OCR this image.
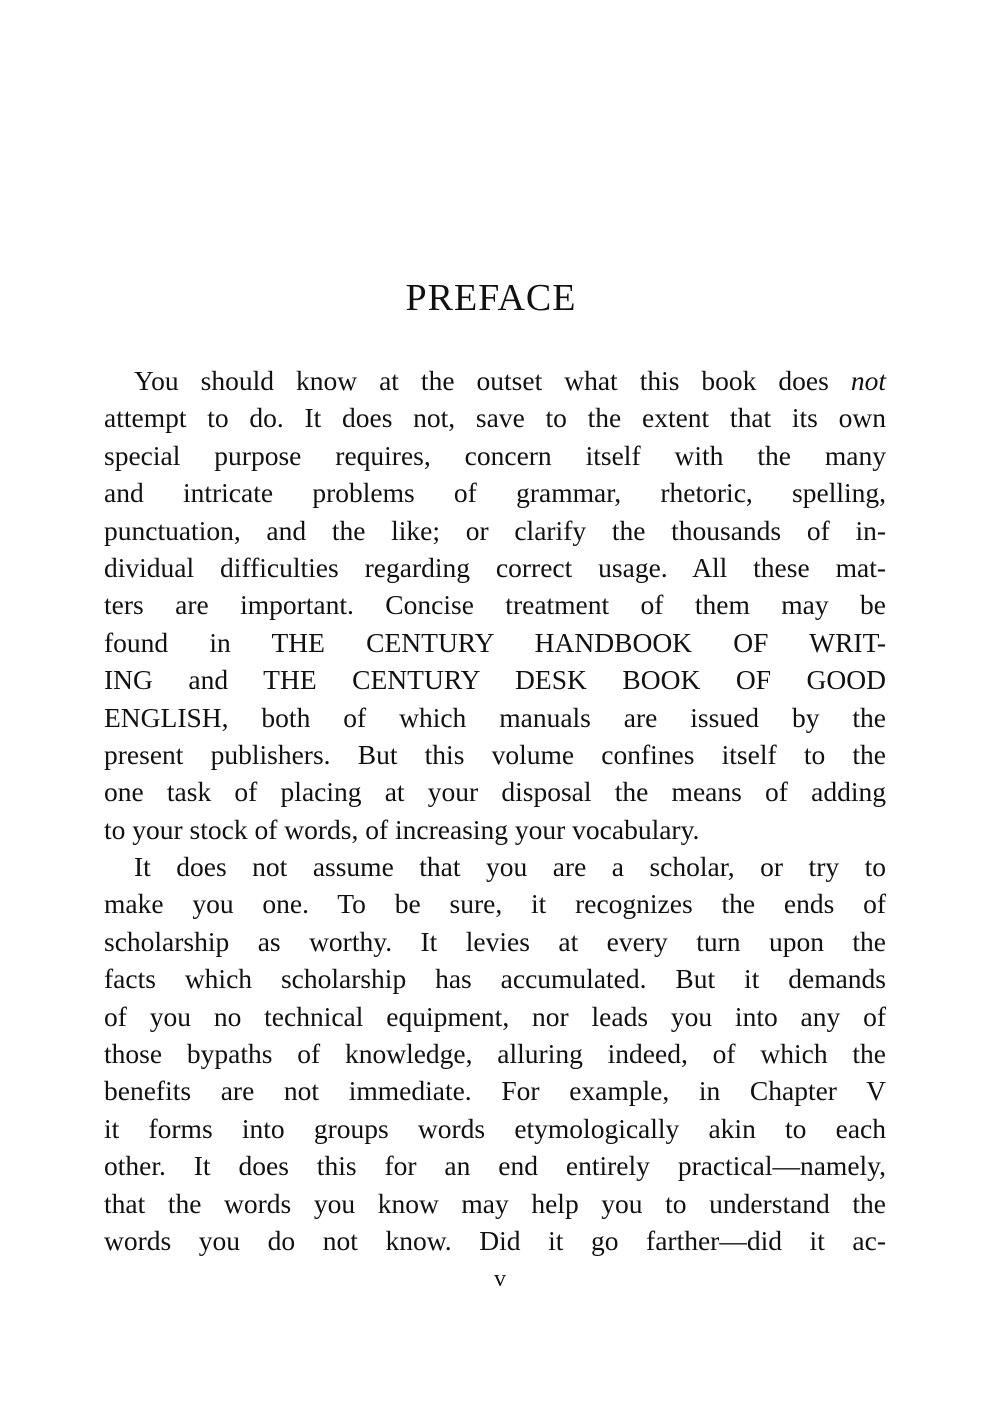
PREFACE
You should know at the outset what this book does not
attempt to do. It does not, save to the extent that its own
special purpose requires, concern itself with the many
and intricate problems of grammar, rhetoric, spelling,
punctuation, and the like; or clarify the thousands of in-
dividual difficulties regarding correct usage. All these mat-
ters are important. Concise treatment of them may be
found in THE CENTURY HANDBOOK OF WRIT-
ING and THE CENTURY DESK BOOK OF GOOD
ENGLISH, both of which manuals are issued by the
present publishers. But this volume confines itself to the
one task of placing at your disposal the means of adding
to your stock of words, of increasing your vocabulary.
It does not assume that you are a scholar, or try to
make you one. To be sure, it recognizes the ends of
scholarship as worthy. It levies at every turn upon the
facts which scholarship has accumulated. But it demands
of you no technical equipment, nor leads you into any of
those bypaths of knowledge, alluring indeed, of which the
benefits are not immediate. For example, in Chapter V
it forms into groups words etymologically akin to each
other. It does this for an end entirely practical—namely,
that the words you know may help you to understand the
words you do not know. Did it go farther—did it ac-
v
